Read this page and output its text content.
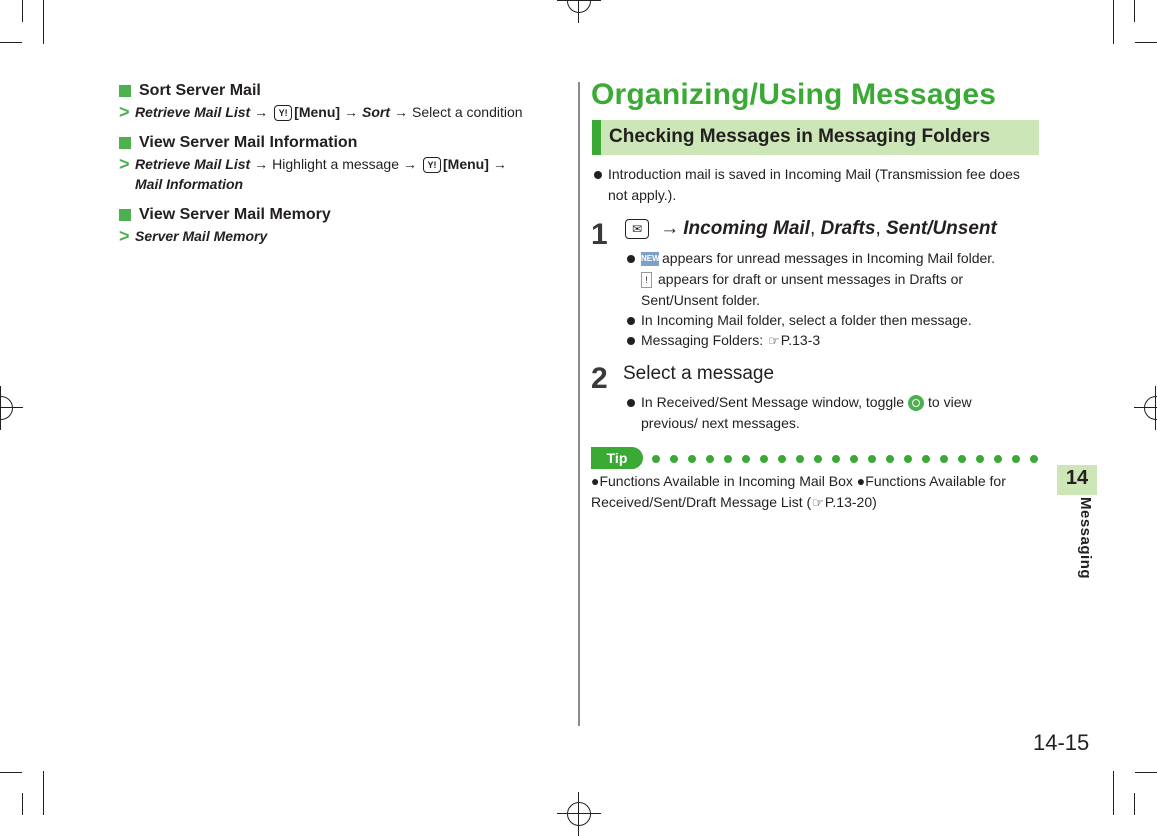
Sort Server Mail
> Retrieve Mail List → Y! [Menu] → Sort → Select a condition
View Server Mail Information
> Retrieve Mail List → Highlight a message → Y! [Menu] →
Mail Information
View Server Mail Memory
> Server Mail Memory
Organizing/Using Messages
Checking Messages in Messaging Folders
Introduction mail is saved in Incoming Mail (Transmission fee does not apply.).
1	✉ → Incoming Mail, Drafts, Sent/Unsent
NEW appears for unread messages in Incoming Mail folder.
! appears for draft or unsent messages in Drafts or Sent/Unsent folder.
In Incoming Mail folder, select a folder then message.
Messaging Folders: ☞P.13-3
2 Select a message
In Received/Sent Message window, toggle to view previous/ next messages.
Tip
●Functions Available in Incoming Mail Box ●Functions Available for Received/Sent/Draft Message List (☞P.13-20)
14
Messaging
14-15
